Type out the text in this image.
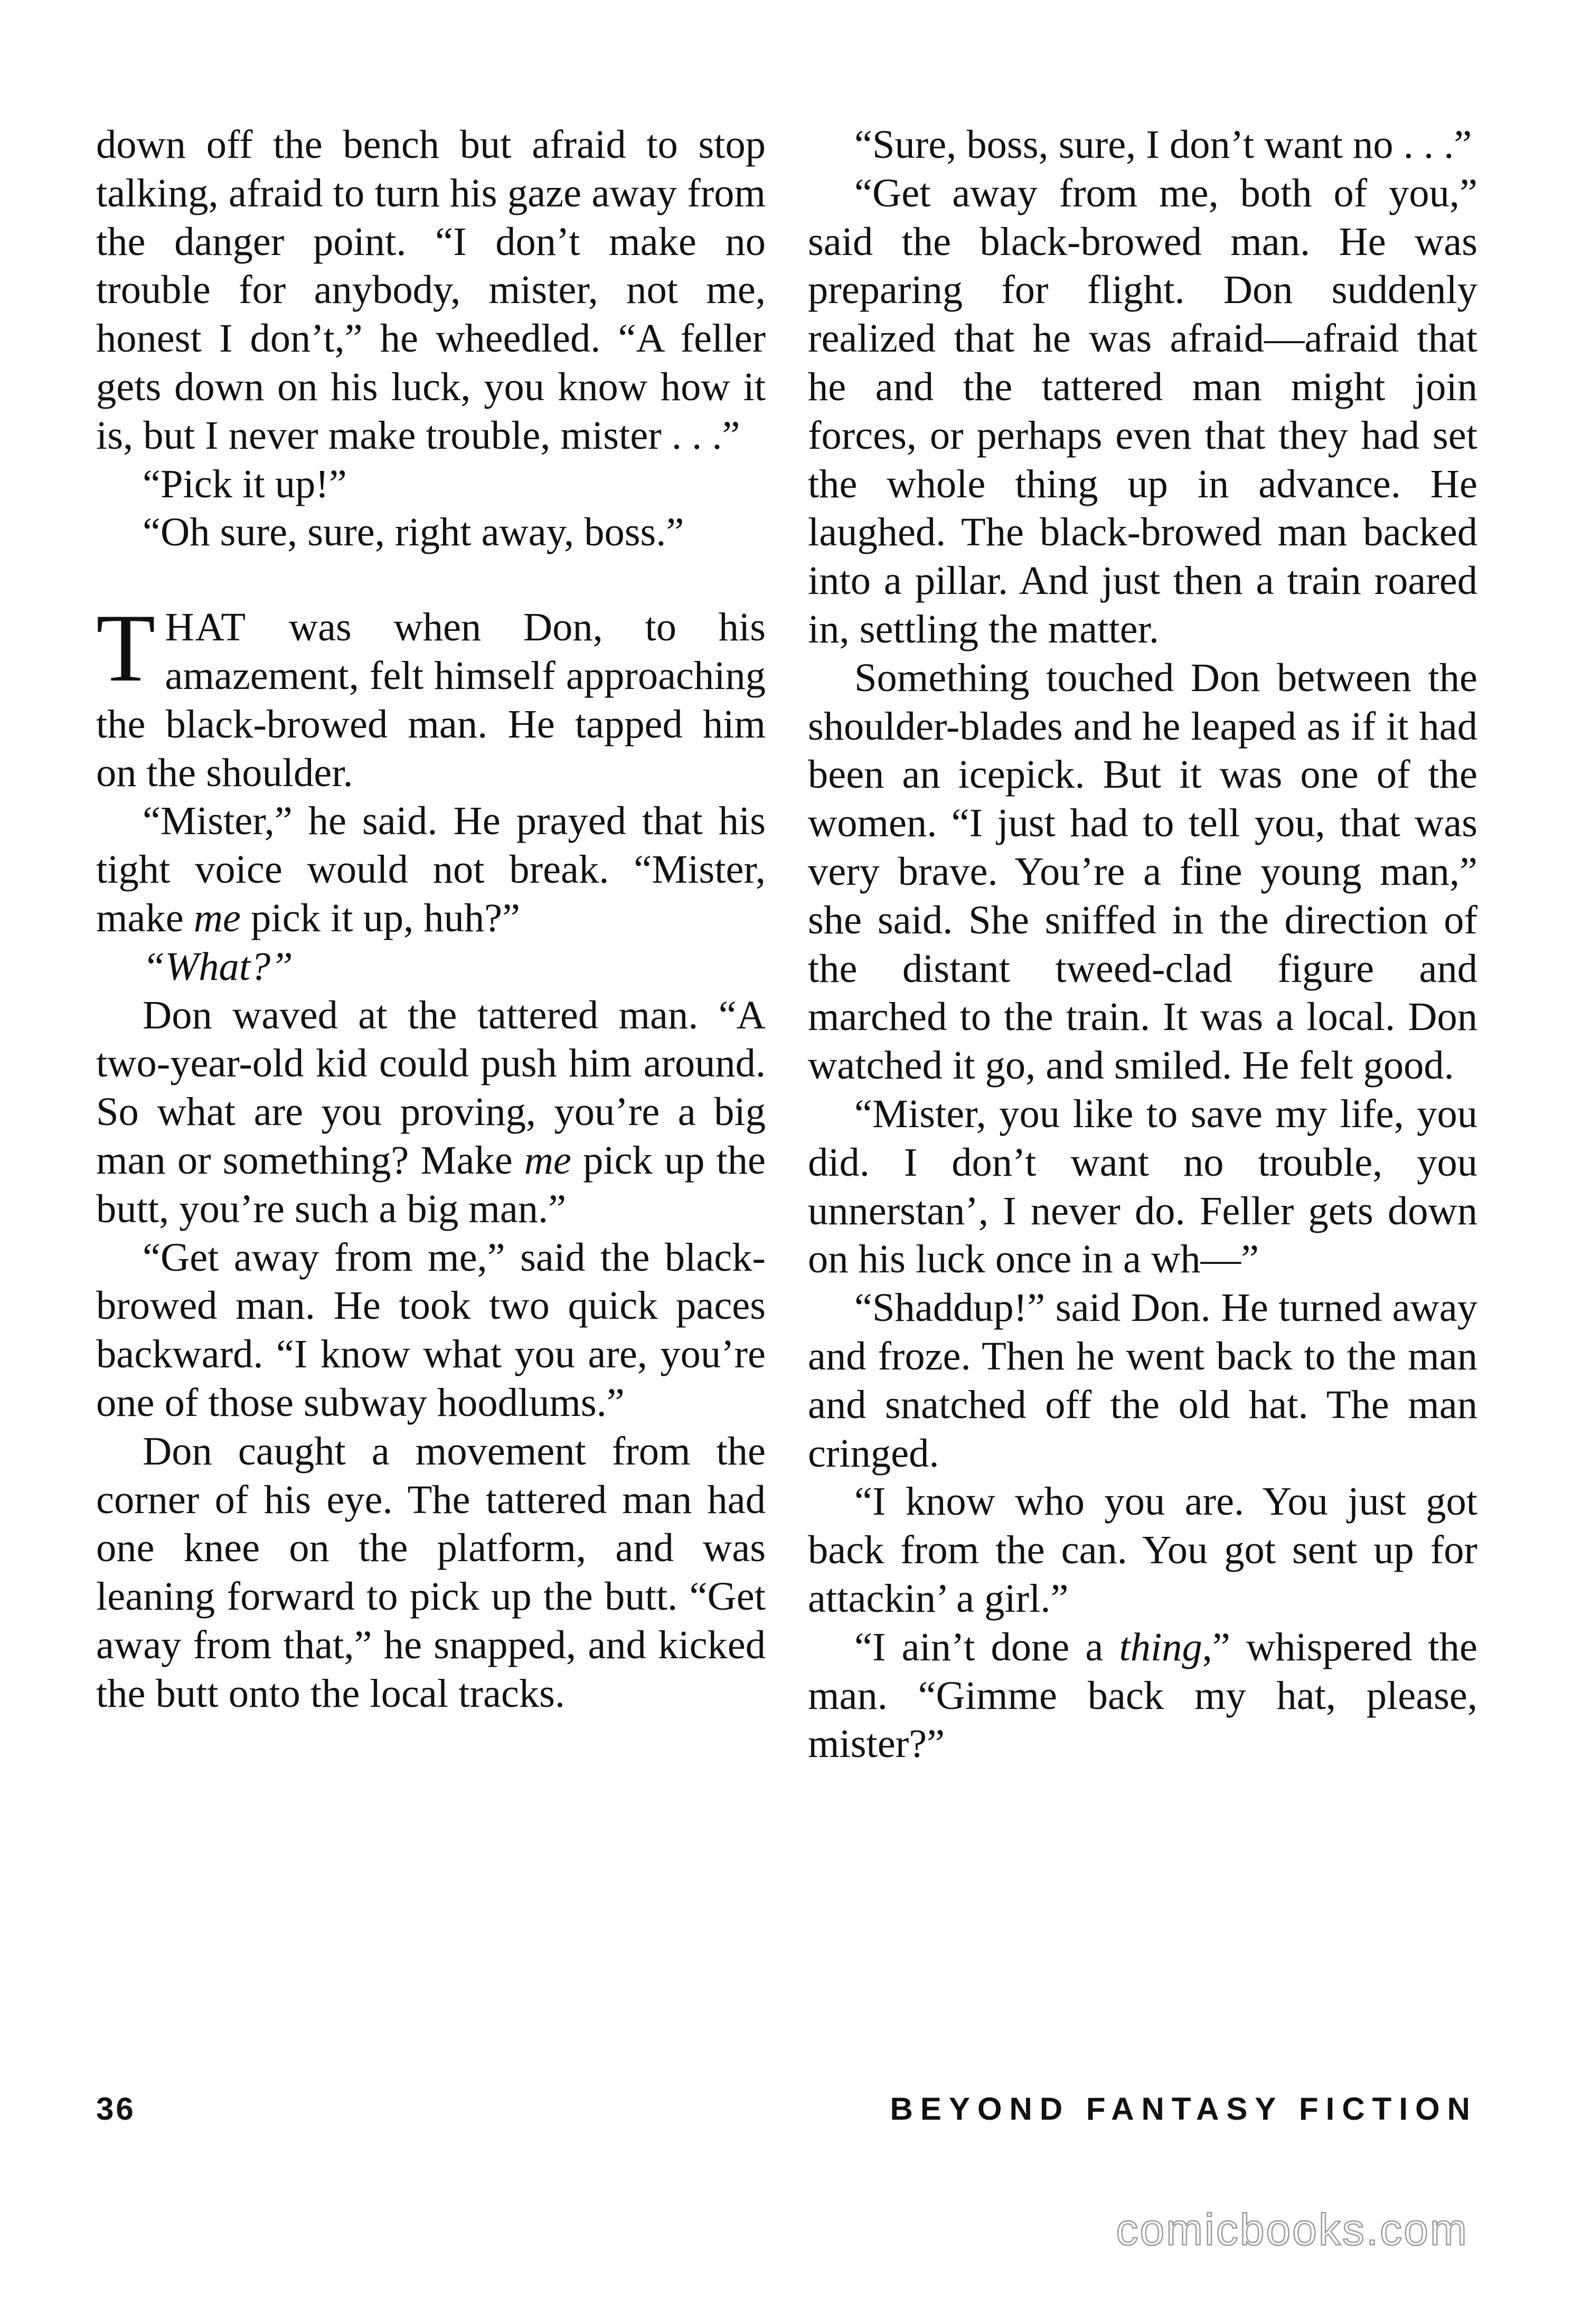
down off the bench but afraid to stop talking, afraid to turn his gaze away from the danger point. “I don’t make no trouble for anybody, mister, not me, honest I don’t,” he wheedled. “A feller gets down on his luck, you know how it is, but I never make trouble, mister . . .”

“Pick it up!”

“Oh sure, sure, right away, boss.”

THAT was when Don, to his amazement, felt himself approaching the black-browed man. He tapped him on the shoulder.

“Mister,” he said. He prayed that his tight voice would not break. “Mister, make me pick it up, huh?”

“What?”

Don waved at the tattered man. “A two-year-old kid could push him around. So what are you proving, you’re a big man or something? Make me pick up the butt, you’re such a big man.”

“Get away from me,” said the black-browed man. He took two quick paces backward. “I know what you are, you’re one of those subway hoodlums.”

Don caught a movement from the corner of his eye. The tattered man had one knee on the platform, and was leaning forward to pick up the butt. “Get away from that,” he snapped, and kicked the butt onto the local tracks.

“Sure, boss, sure, I don’t want no . . .”

“Get away from me, both of you,” said the black-browed man. He was preparing for flight. Don suddenly realized that he was afraid—afraid that he and the tattered man might join forces, or perhaps even that they had set the whole thing up in advance. He laughed. The black-browed man backed into a pillar. And just then a train roared in, settling the matter.

Something touched Don between the shoulder-blades and he leaped as if it had been an icepick. But it was one of the women. “I just had to tell you, that was very brave. You’re a fine young man,” she said. She sniffed in the direction of the distant tweed-clad figure and marched to the train. It was a local. Don watched it go, and smiled. He felt good.

“Mister, you like to save my life, you did. I don’t want no trouble, you unnerstan’, I never do. Feller gets down on his luck once in a wh—”

“Shaddup!” said Don. He turned away and froze. Then he went back to the man and snatched off the old hat. The man cringed.

“I know who you are. You just got back from the can. You got sent up for attackin’ a girl.”

“I ain’t done a thing,” whispered the man. “Gimme back my hat, please, mister?”

36	BEYOND FANTASY FICTION
comicbooks.com
